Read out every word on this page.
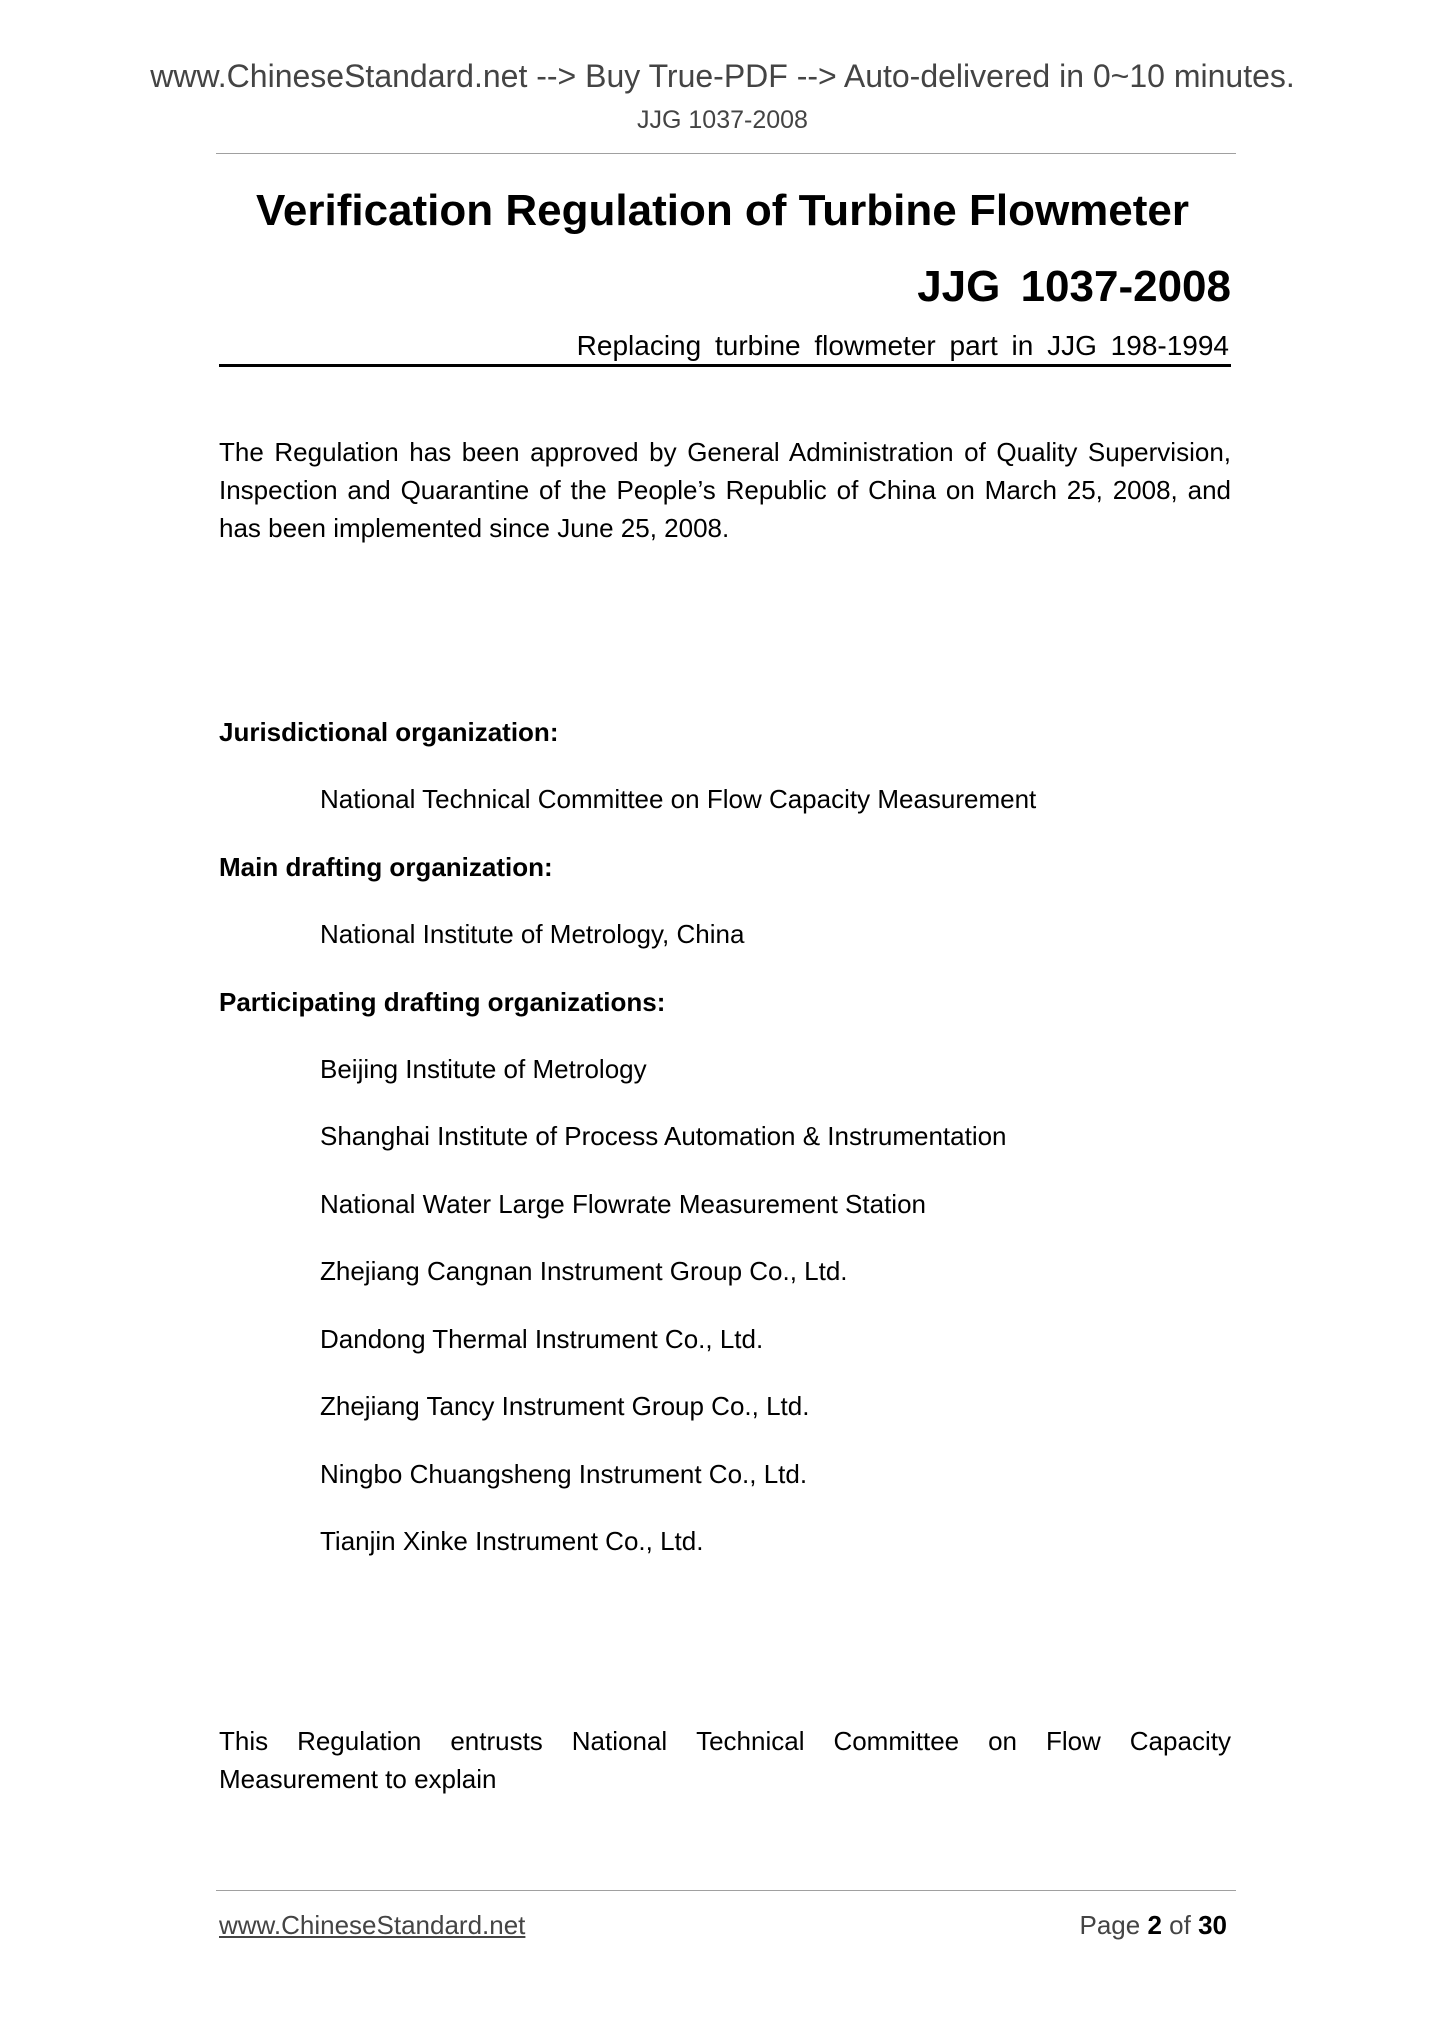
www.ChineseStandard.net --> Buy True-PDF --> Auto-delivered in 0~10 minutes.
JJG 1037-2008
Verification Regulation of Turbine Flowmeter
JJG 1037-2008
Replacing turbine flowmeter part in JJG 198-1994
The Regulation has been approved by General Administration of Quality Supervision, Inspection and Quarantine of the People’s Republic of China on March 25, 2008, and has been implemented since June 25, 2008.
Jurisdictional organization:
National Technical Committee on Flow Capacity Measurement
Main drafting organization:
National Institute of Metrology, China
Participating drafting organizations:
Beijing Institute of Metrology
Shanghai Institute of Process Automation & Instrumentation
National Water Large Flowrate Measurement Station
Zhejiang Cangnan Instrument Group Co., Ltd.
Dandong Thermal Instrument Co., Ltd.
Zhejiang Tancy Instrument Group Co., Ltd.
Ningbo Chuangsheng Instrument Co., Ltd.
Tianjin Xinke Instrument Co., Ltd.
This Regulation entrusts National Technical Committee on Flow Capacity
Measurement to explain
www.ChineseStandard.net	Page 2 of 30
